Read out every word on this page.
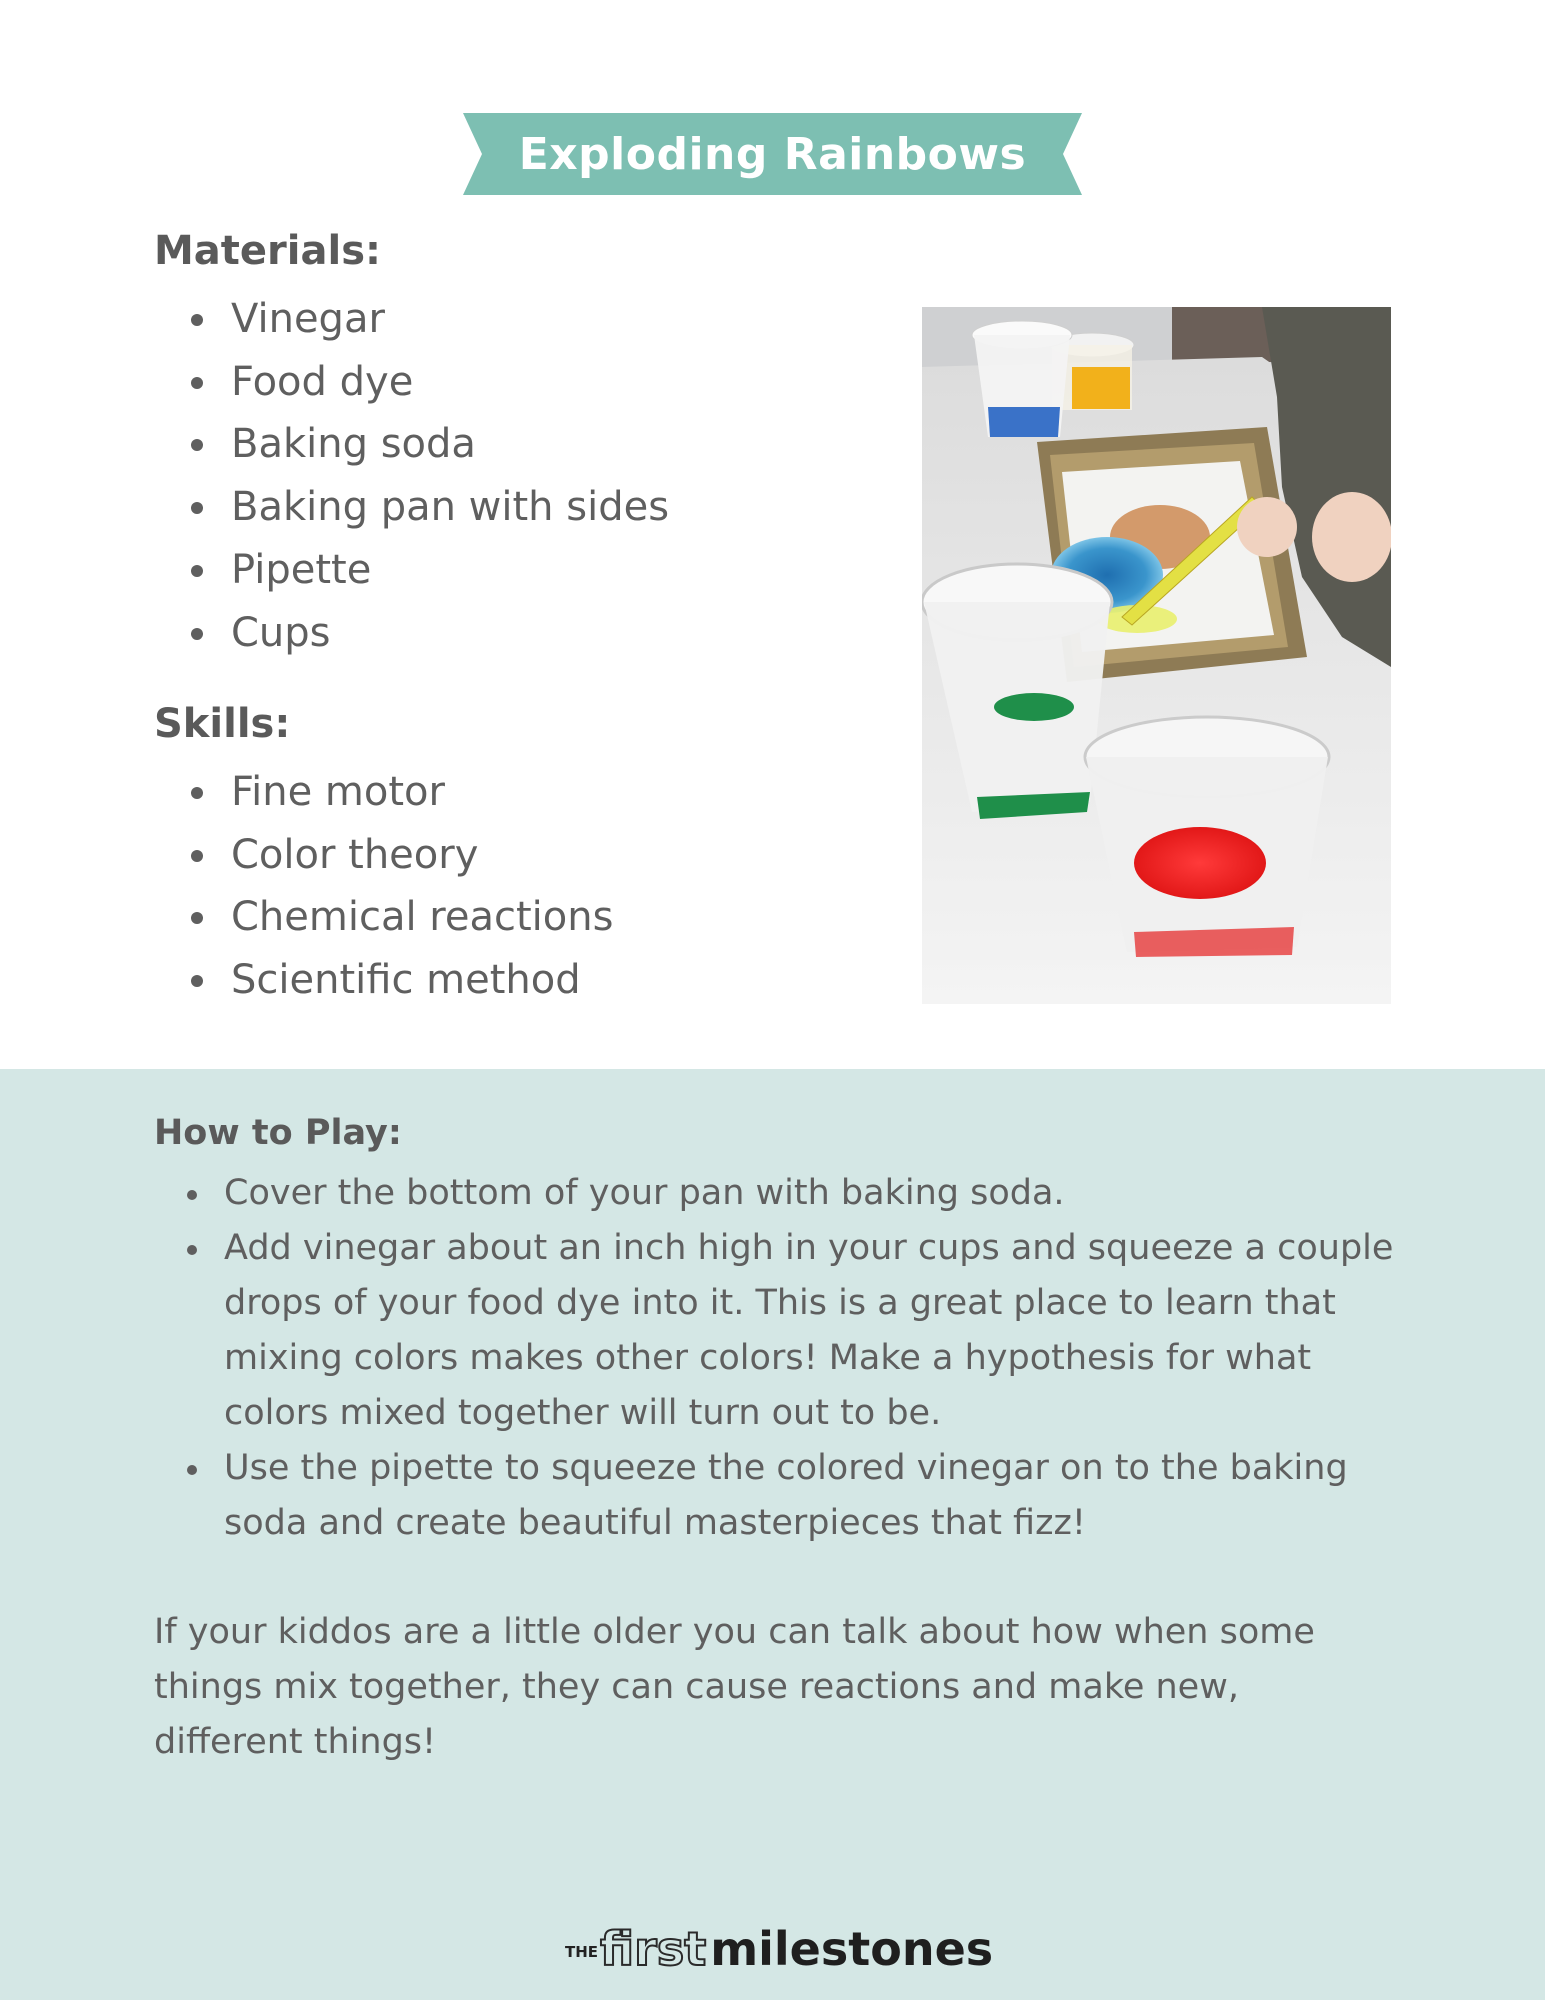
Exploding Rainbows
Materials:
Vinegar
Food dye
Baking soda
Baking pan with sides
Pipette
Cups
Skills:
Fine motor
Color theory
Chemical reactions
Scientific method
How to Play:
Cover the bottom of your pan with baking soda.
Add vinegar about an inch high in your cups and squeeze a couple drops of your food dye into it. This is a great place to learn that mixing colors makes other colors! Make a hypothesis for what colors mixed together will turn out to be.
Use the pipette to squeeze the colored vinegar on to the baking soda and create beautiful masterpieces that fizz!
If your kiddos are a little older you can talk about how when some things mix together, they can cause reactions and make new, different things!
THE first milestones
